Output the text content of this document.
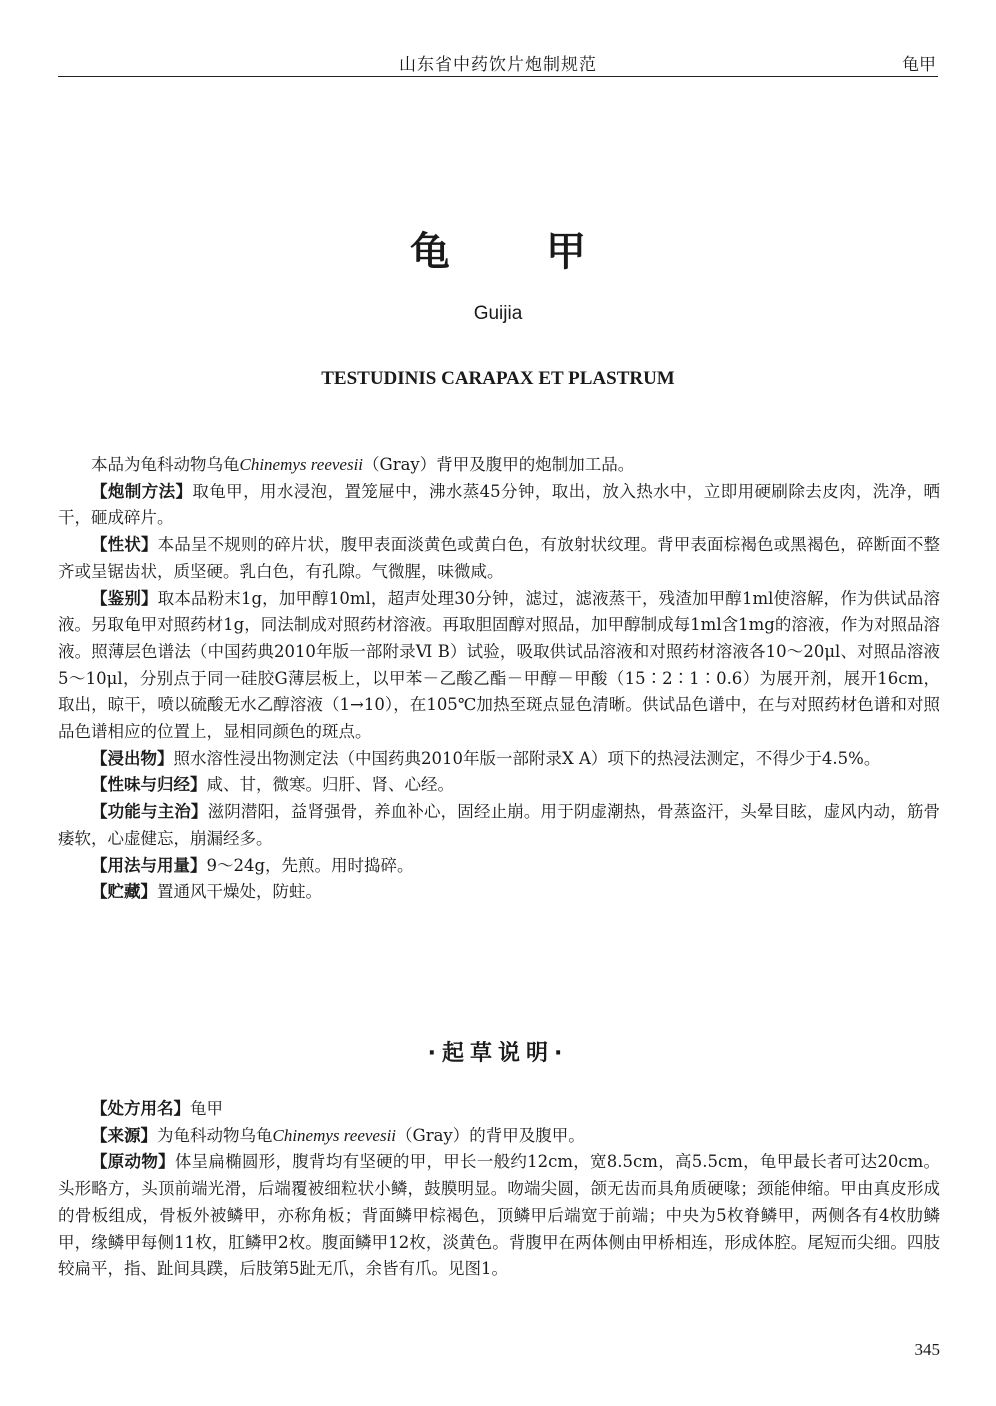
山东省中药饮片炮制规范	龟甲
龟甲
Guijia
TESTUDINIS CARAPAX ET PLASTRUM

本品为龟科动物乌龟Chinemys reevesii（Gray）背甲及腹甲的炮制加工品。

【炮制方法】取龟甲，用水浸泡，置笼屉中，沸水蒸45分钟，取出，放入热水中，立即用硬刷除去皮肉，洗净，晒干，砸成碎片。

【性状】本品呈不规则的碎片状，腹甲表面淡黄色或黄白色，有放射状纹理。背甲表面棕褐色或黑褐色，碎断面不整齐或呈锯齿状，质坚硬。乳白色，有孔隙。气微腥，味微咸。

【鉴别】取本品粉末1g，加甲醇10ml，超声处理30分钟，滤过，滤液蒸干，残渣加甲醇1ml使溶解，作为供试品溶液。另取龟甲对照药材1g，同法制成对照药材溶液。再取胆固醇对照品，加甲醇制成每1ml含1mg的溶液，作为对照品溶液。照薄层色谱法（中国药典2010年版一部附录Ⅵ B）试验，吸取供试品溶液和对照药材溶液各10～20μl、对照品溶液5～10μl，分别点于同一硅胶G薄层板上，以甲苯－乙酸乙酯－甲醇－甲酸（15∶2∶1∶0.6）为展开剂，展开16cm，取出，晾干，喷以硫酸无水乙醇溶液（1→10），在105℃加热至斑点显色清晰。供试品色谱中，在与对照药材色谱和对照品色谱相应的位置上，显相同颜色的斑点。

【浸出物】照水溶性浸出物测定法（中国药典2010年版一部附录Ⅹ A）项下的热浸法测定，不得少于4.5%。

【性味与归经】咸、甘，微寒。归肝、肾、心经。

【功能与主治】滋阴潜阳，益肾强骨，养血补心，固经止崩。用于阴虚潮热，骨蒸盗汗，头晕目眩，虚风内动，筋骨痿软，心虚健忘，崩漏经多。

【用法与用量】9～24g，先煎。用时捣碎。

【贮藏】置通风干燥处，防蛀。

·起草说明·

【处方用名】龟甲

【来源】为龟科动物乌龟Chinemys reevesii（Gray）的背甲及腹甲。

【原动物】体呈扁椭圆形，腹背均有坚硬的甲，甲长一般约12cm，宽8.5cm，高5.5cm，龟甲最长者可达20cm。头形略方，头顶前端光滑，后端覆被细粒状小鳞，鼓膜明显。吻端尖圆，颌无齿而具角质硬喙；颈能伸缩。甲由真皮形成的骨板组成，骨板外被鳞甲，亦称角板；背面鳞甲棕褐色，顶鳞甲后端宽于前端；中央为5枚脊鳞甲，两侧各有4枚肋鳞甲，缘鳞甲每侧11枚，肛鳞甲2枚。腹面鳞甲12枚，淡黄色。背腹甲在两体侧由甲桥相连，形成体腔。尾短而尖细。四肢较扁平，指、趾间具蹼，后肢第5趾无爪，余皆有爪。见图1。

345
